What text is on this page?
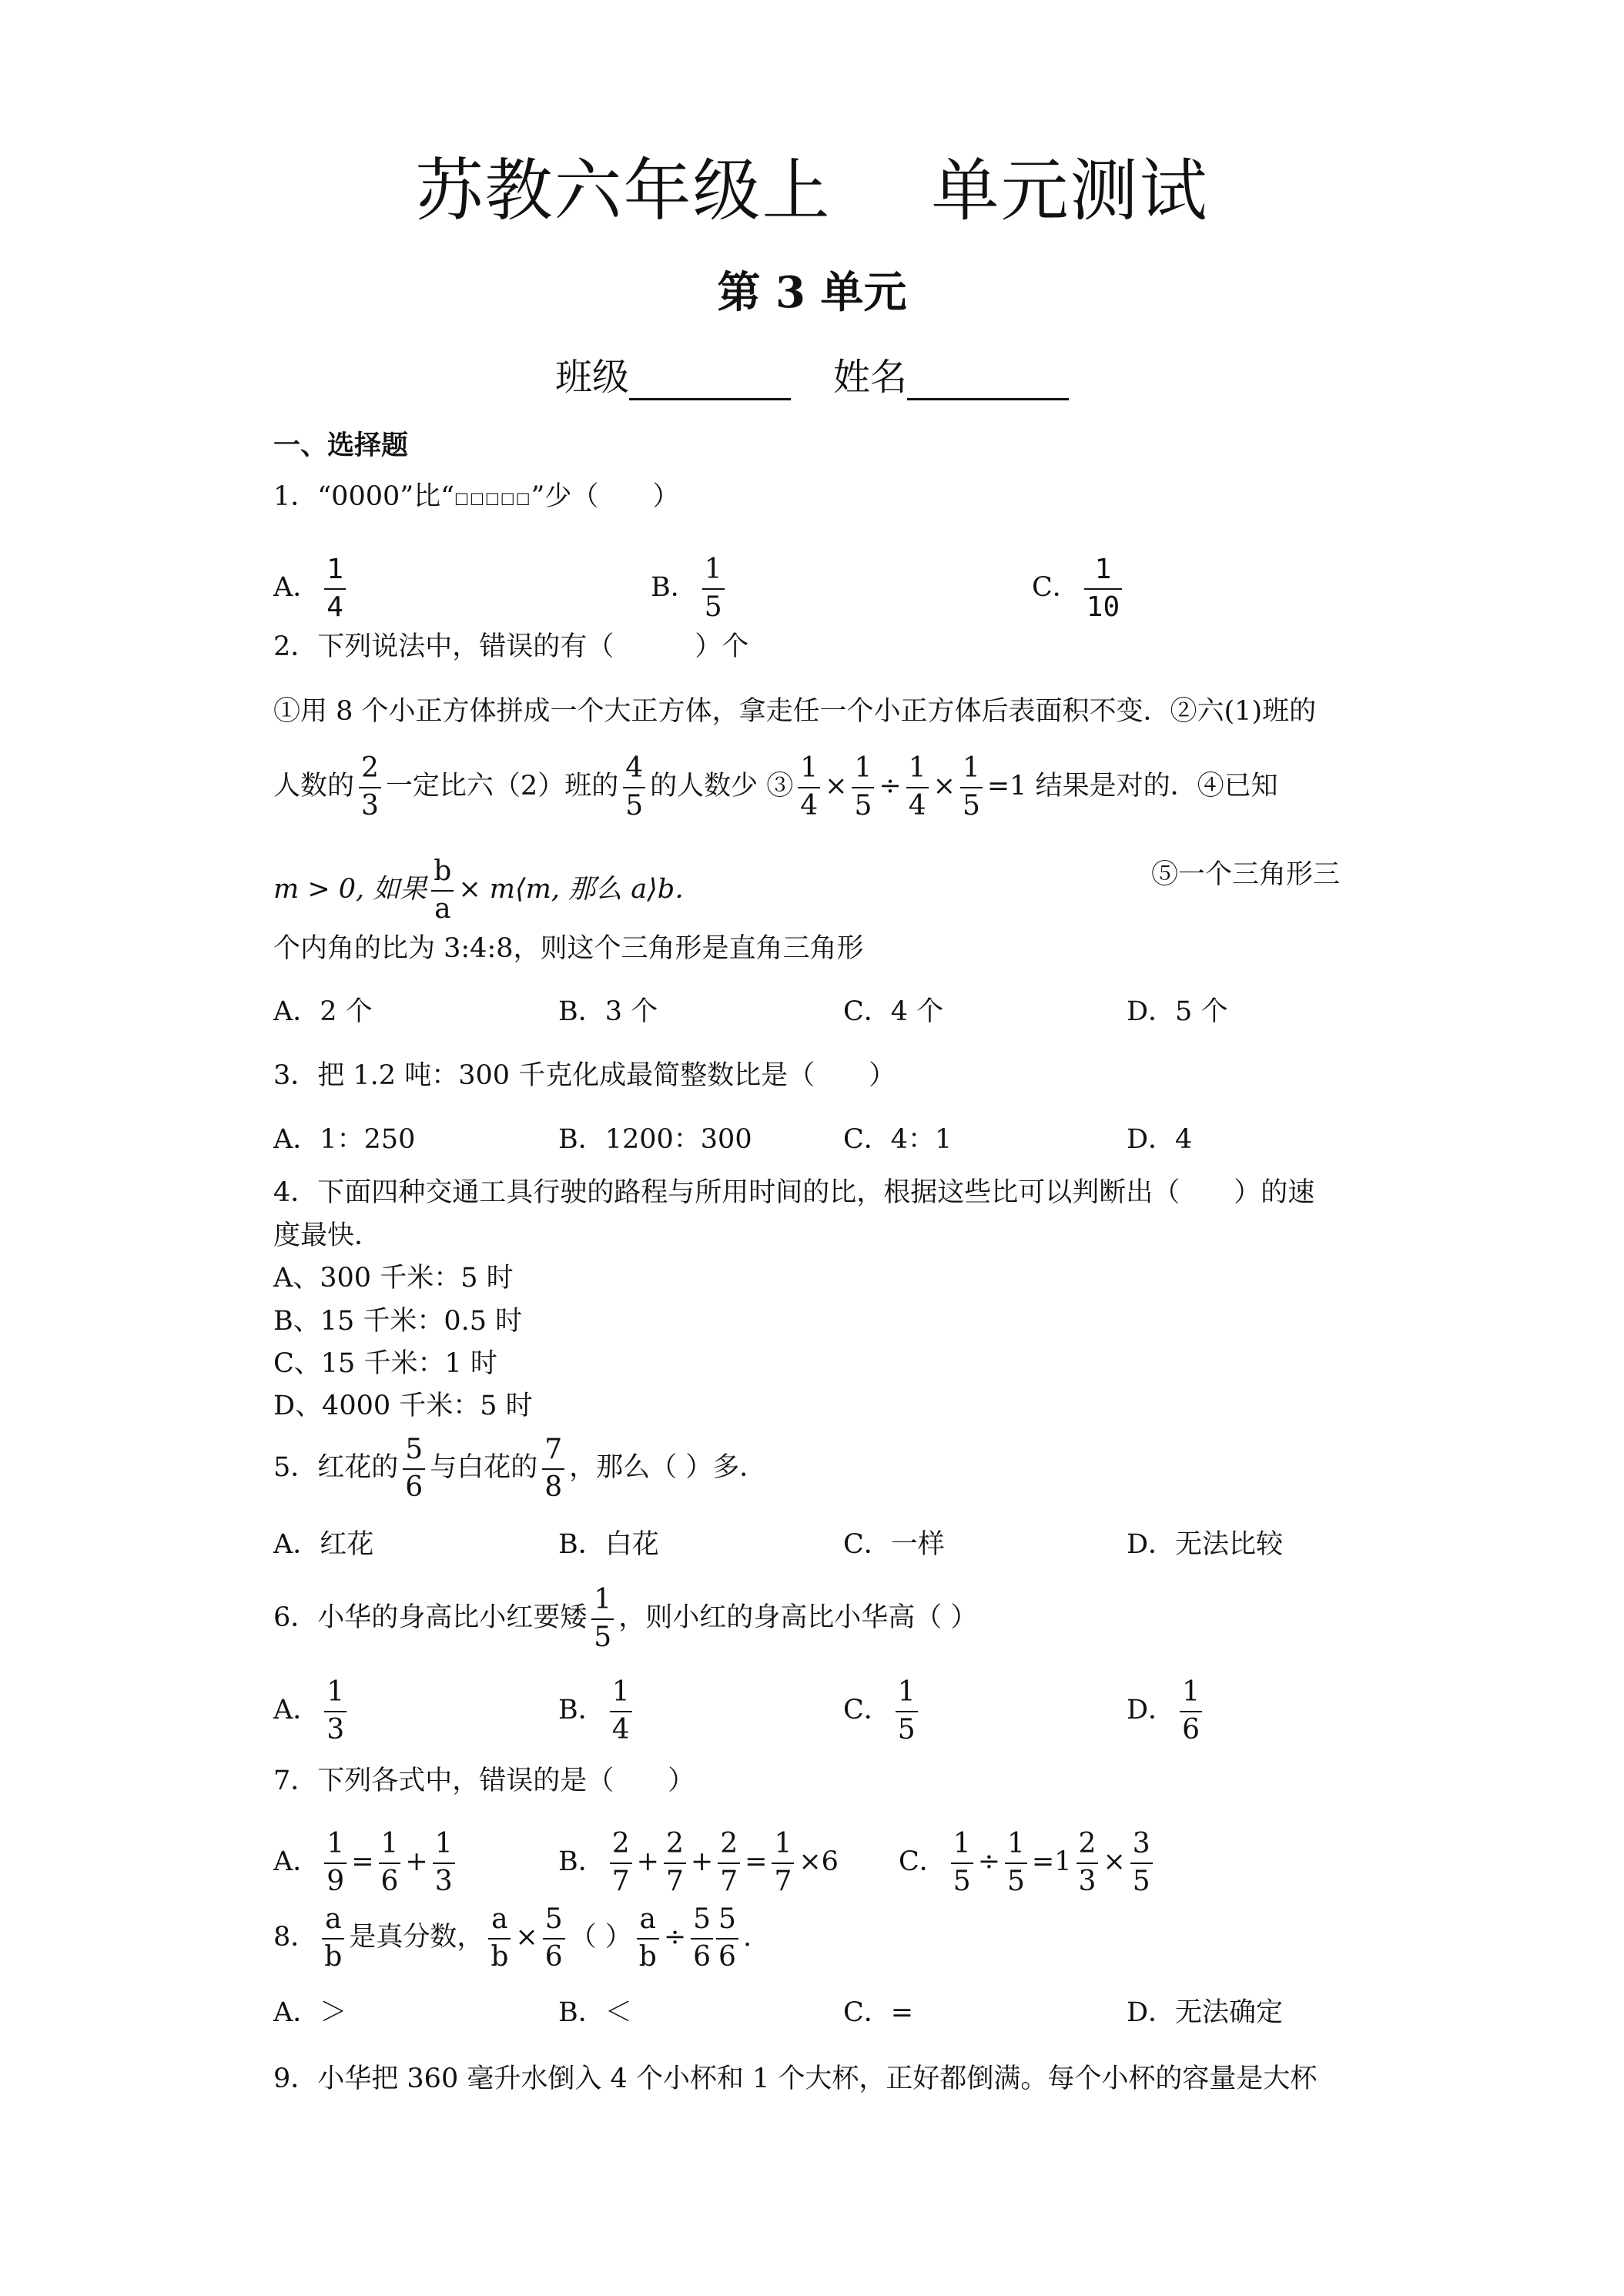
苏教六年级上 单元测试
第 3 单元
班级	姓名
一、选择题
1．“0000”比“□□□□□”少（　　）
A． $\frac{1}{4}$	B． $\frac{1}{5}$	C． $\frac{1}{10}$
2．下列说法中，错误的有（　　　）个
①用 8 个小正方体拼成一个大正方体，拿走任一个小正方体后表面积不变．②六(1)班的
人数的 $\frac{2}{3}$ 一定比六（2）班的 $\frac{4}{5}$ 的人数少 ③ $\frac{1}{4} \times \frac{1}{5} \div \frac{1}{4} \times \frac{1}{5} =1$ 结果是对的．④已知
m > 0, 如果 $\frac{b}{a}$ × m⟨m, 那么 a⟩b．	⑤一个三角形三
个内角的比为 3:4:8，则这个三角形是直角三角形
A．2 个	B．3 个	C．4 个	D．5 个
3．把 1.2 吨：300 千克化成最简整数比是（　　）
A．1：250	B．1200：300	C．4：1	D．4
4．下面四种交通工具行驶的路程与所用时间的比，根据这些比可以判断出（　　）的速
度最快．
A、300 千米：5 时
B、15 千米：0.5 时
C、15 千米：1 时
D、4000 千米：5 时
5．红花的 $\frac{5}{6}$ 与白花的 $\frac{7}{8}$ ，那么（ ）多．
A．红花	B．白花	C．一样	D．无法比较
6．小华的身高比小红要矮 $\frac{1}{5}$ ，则小红的身高比小华高（ ）
A． $\frac{1}{3}$	B． $\frac{1}{4}$	C． $\frac{1}{5}$	D． $\frac{1}{6}$
7．下列各式中，错误的是（　　）
A． $\frac{1}{9} = \frac{1}{6} + \frac{1}{3}$	B． $\frac{2}{7} + \frac{2}{7} + \frac{2}{7} = \frac{1}{7} \times 6$ C． $\frac{1}{5} \div \frac{1}{5} =1 \frac{2}{3} \times \frac{3}{5}$
8． $\frac{a}{b}$ 是真分数， $\frac{a}{b} \times \frac{5}{6}$ （ ） $\frac{a}{b} \div \frac{5}{6} \frac{5}{6}$ .
A．＞	B．＜	C．=	D．无法确定
9．小华把 360 毫升水倒入 4 个小杯和 1 个大杯，正好都倒满。每个小杯的容量是大杯
